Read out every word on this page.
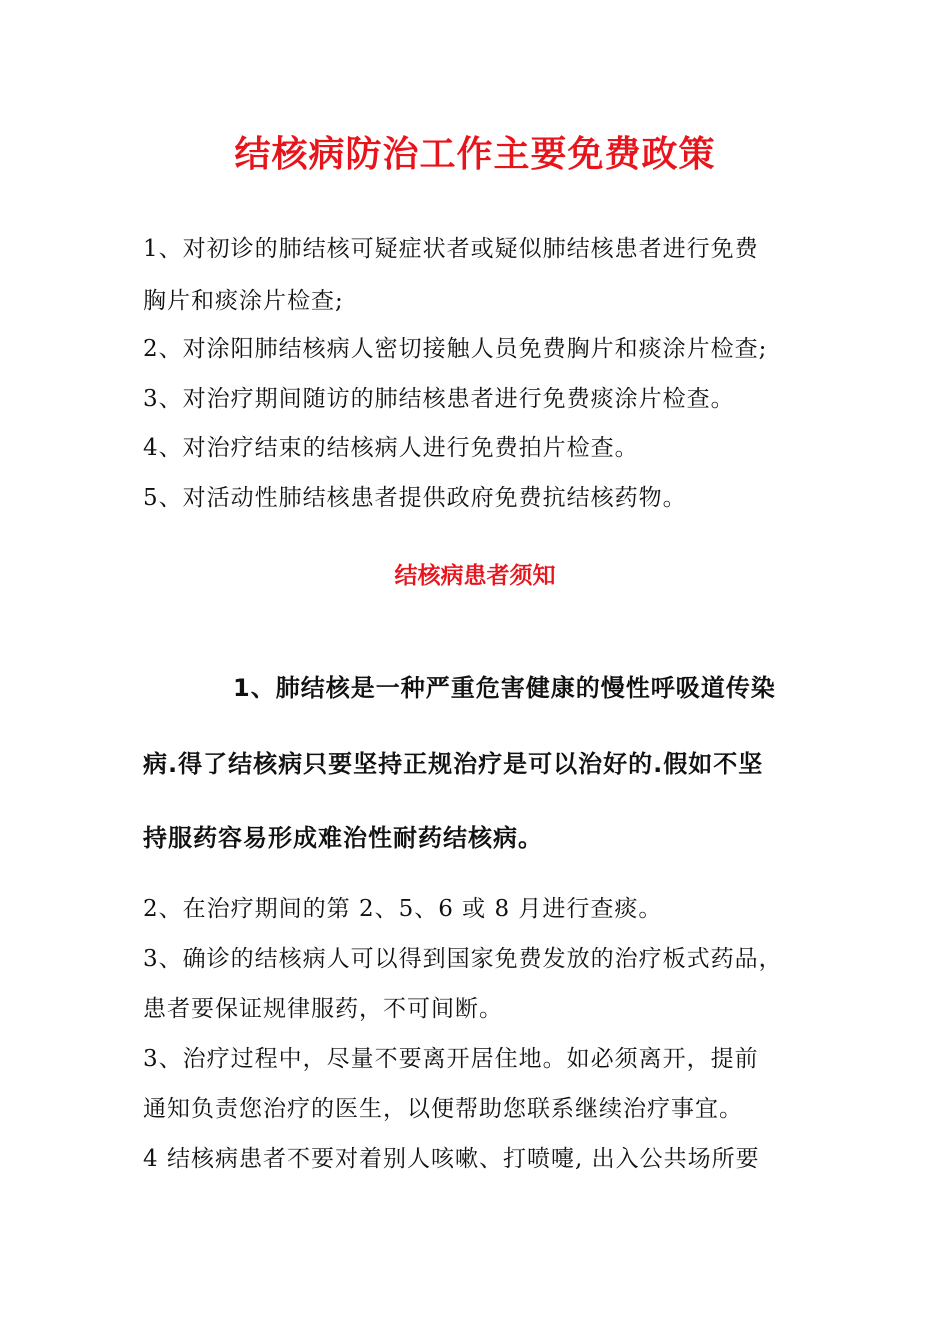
结核病防治工作主要免费政策
1、对初诊的肺结核可疑症状者或疑似肺结核患者进行免费
胸片和痰涂片检查;
2、对涂阳肺结核病人密切接触人员免费胸片和痰涂片检查;
3、对治疗期间随访的肺结核患者进行免费痰涂片检查。
4、对治疗结束的结核病人进行免费拍片检查。
5、对活动性肺结核患者提供政府免费抗结核药物。
结核病患者须知
1、肺结核是一种严重危害健康的慢性呼吸道传染
病.得了结核病只要坚持正规治疗是可以治好的.假如不坚
持服药容易形成难治性耐药结核病。
2、在治疗期间的第 2、5、6 或 8 月进行查痰。
3、确诊的结核病人可以得到国家免费发放的治疗板式药品，
患者要保证规律服药，不可间断。
3、治疗过程中，尽量不要离开居住地。如必须离开，提前
通知负责您治疗的医生，以便帮助您联系继续治疗事宜。
4 结核病患者不要对着别人咳嗽、打喷嚏, 出入公共场所要
